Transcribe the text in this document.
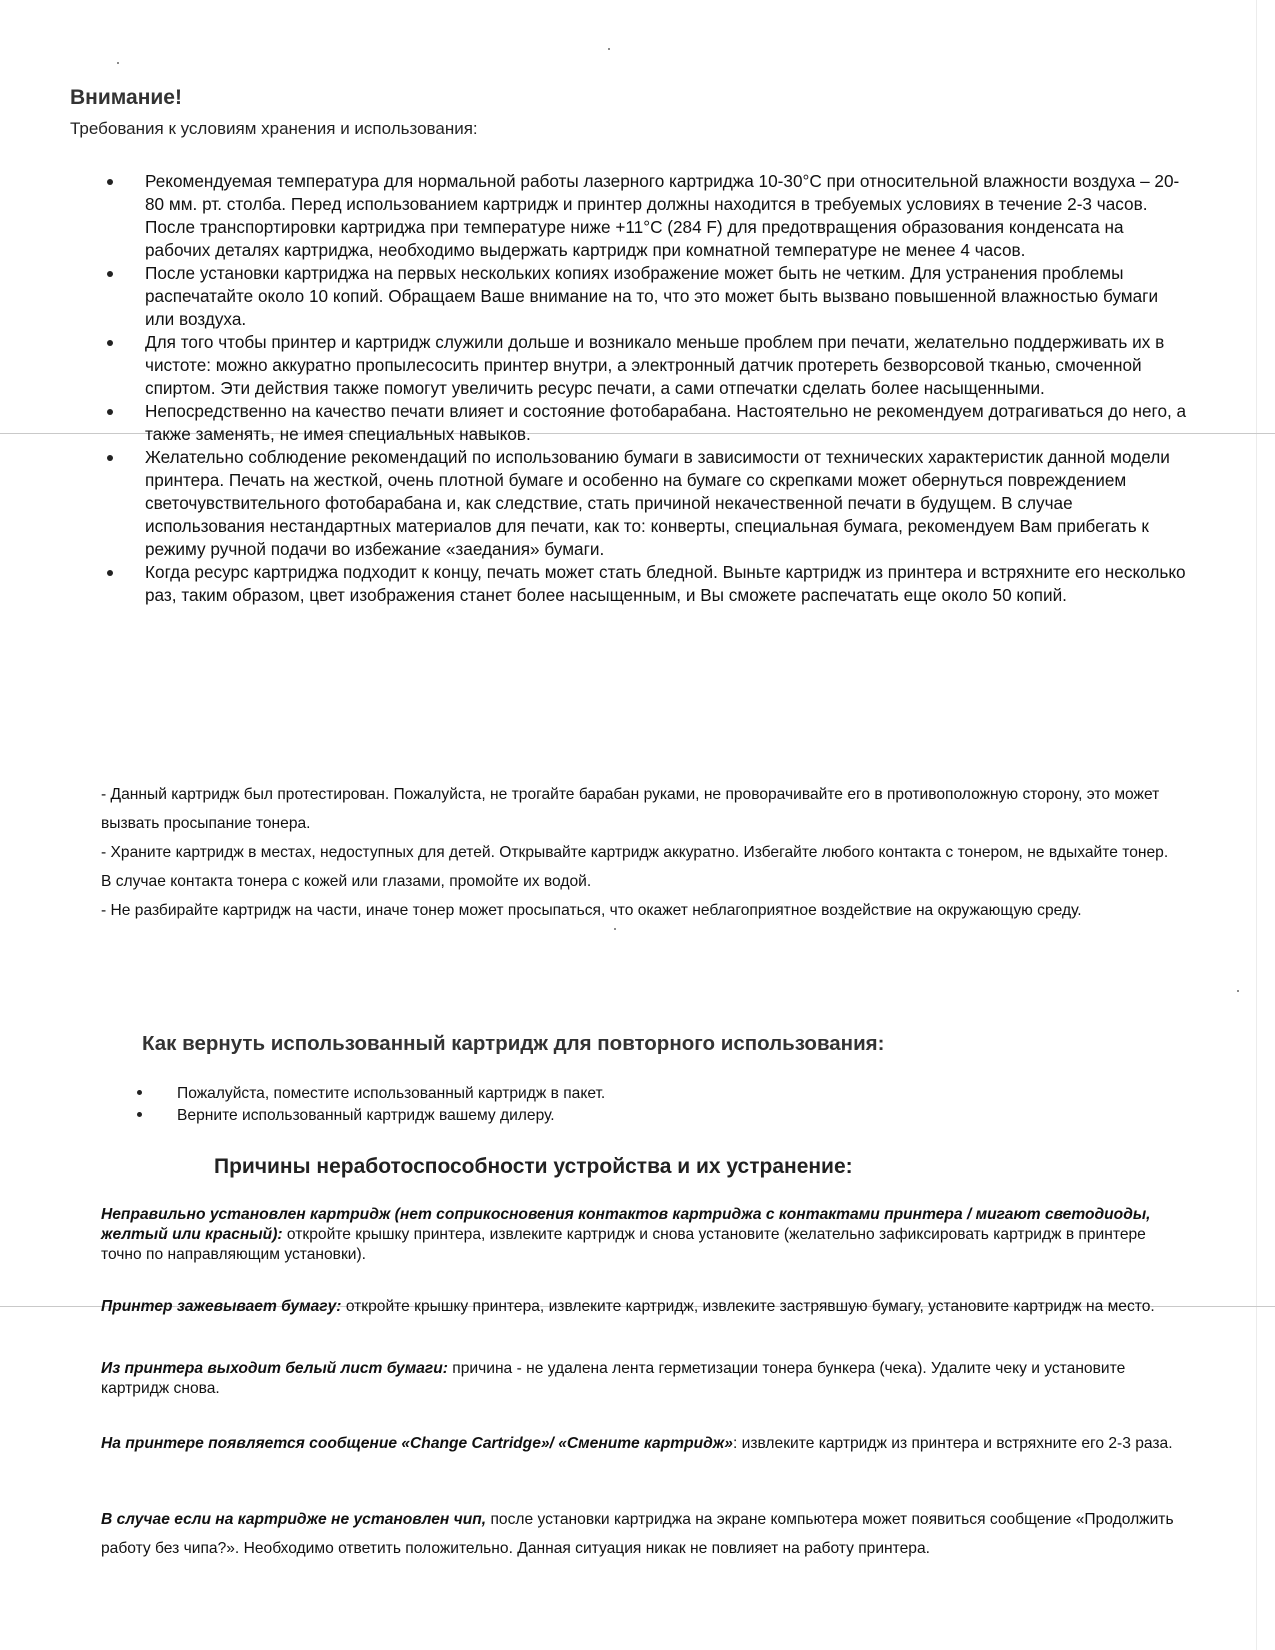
Внимание!

Требования к условиям хранения и использования:

Рекомендуемая температура для нормальной работы лазерного картриджа 10-30°С при относительной влажности воздуха – 20-80 мм. рт. столба. Перед использованием картридж и принтер должны находится в требуемых условиях в течение 2-3 часов. После транспортировки картриджа при температуре ниже +11°С (284 F) для предотвращения образования конденсата на рабочих деталях картриджа, необходимо выдержать картридж при комнатной температуре не менее 4 часов.
После установки картриджа на первых нескольких копиях изображение может быть не четким. Для устранения проблемы распечатайте около 10 копий. Обращаем Ваше внимание на то, что это может быть вызвано повышенной влажностью бумаги или воздуха.
Для того чтобы принтер и картридж служили дольше и возникало меньше проблем при печати, желательно поддерживать их в чистоте: можно аккуратно пропылесосить принтер внутри, а электронный датчик протереть безворсовой тканью, смоченной спиртом. Эти действия также помогут увеличить ресурс печати, а сами отпечатки сделать более насыщенными.
Непосредственно на качество печати влияет и состояние фотобарабана. Настоятельно не рекомендуем дотрагиваться до него, а также заменять, не имея специальных навыков.
Желательно соблюдение рекомендаций по использованию бумаги в зависимости от технических характеристик данной модели принтера. Печать на жесткой, очень плотной бумаге и особенно на бумаге со скрепками может обернуться повреждением светочувствительного фотобарабана и, как следствие, стать причиной некачественной печати в будущем. В случае использования нестандартных материалов для печати, как то: конверты, специальная бумага, рекомендуем Вам прибегать к режиму ручной подачи во избежание «заедания» бумаги.
Когда ресурс картриджа подходит к концу, печать может стать бледной. Выньте картридж из принтера и встряхните его несколько раз, таким образом, цвет изображения станет более насыщенным, и Вы сможете распечатать еще около 50 копий.

- Данный картридж был протестирован. Пожалуйста, не трогайте барабан руками, не проворачивайте его в противоположную сторону, это может вызвать просыпание тонера.

- Храните картридж в местах, недоступных для детей. Открывайте картридж аккуратно. Избегайте любого контакта с тонером, не вдыхайте тонер. В случае контакта тонера с кожей или глазами, промойте их водой.

- Не разбирайте картридж на части, иначе тонер может просыпаться, что окажет неблагоприятное воздействие на окружающую среду.

Как вернуть использованный картридж для повторного использования:
Пожалуйста, поместите использованный картридж в пакет.
Верните использованный картридж вашему дилеру.
Причины неработоспособности устройства и их устранение:

Неправильно установлен картридж (нет соприкосновения контактов картриджа с контактами принтера / мигают светодиоды, желтый или красный): откройте крышку принтера, извлеките картридж и снова установите (желательно зафиксировать картридж в принтере точно по направляющим установки).

Принтер зажевывает бумагу: откройте крышку принтера, извлеките картридж, извлеките застрявшую бумагу, установите картридж на место.

Из принтера выходит белый лист бумаги: причина - не удалена лента герметизации тонера бункера (чека). Удалите чеку и установите картридж снова.

На принтере появляется сообщение «Change Cartridge»/ «Смените картридж»: извлеките картридж из принтера и встряхните его 2-3 раза.

В случае если на картридже не установлен чип, после установки картриджа на экране компьютера может появиться сообщение «Продолжить работу без чипа?». Необходимо ответить положительно. Данная ситуация никак не повлияет на работу принтера.
